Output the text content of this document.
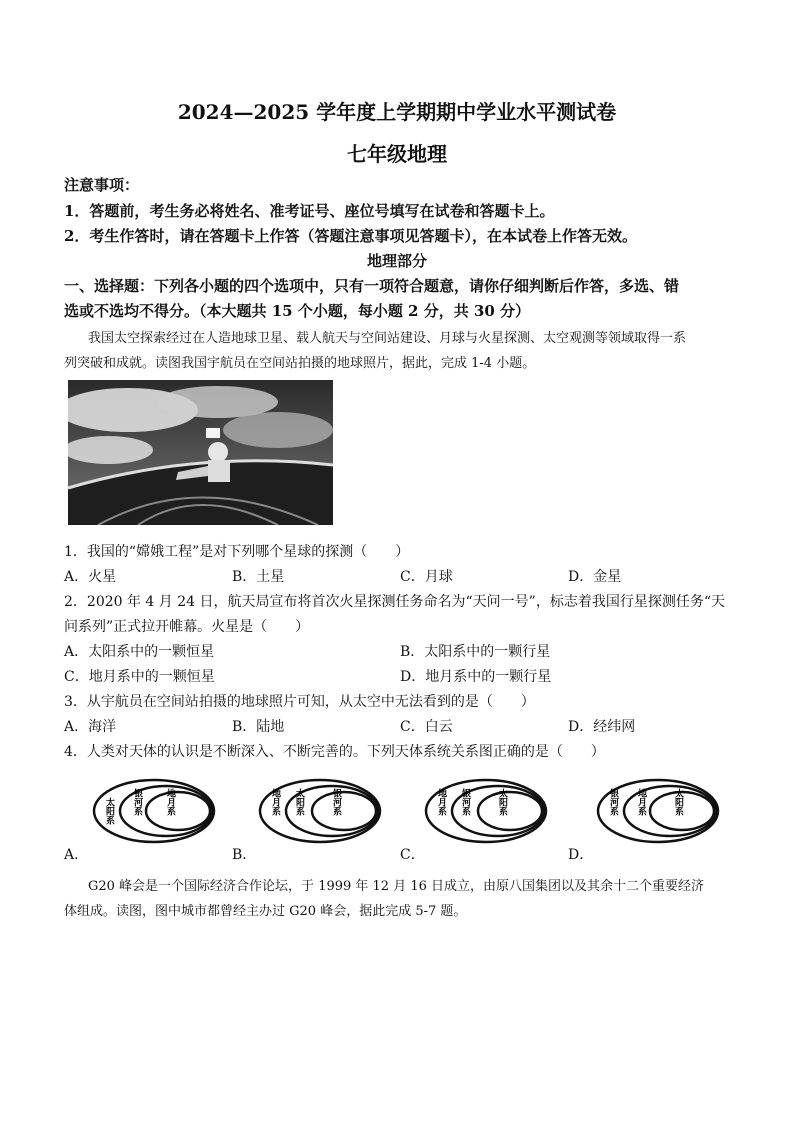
2024—2025 学年度上学期期中学业水平测试卷
七年级地理
注意事项：
1．答题前，考生务必将姓名、准考证号、座位号填写在试卷和答题卡上。
2．考生作答时，请在答题卡上作答（答题注意事项见答题卡），在本试卷上作答无效。
地理部分
一、选择题：下列各小题的四个选项中，只有一项符合题意，请你仔细判断后作答，多选、错
选或不选均不得分。（本大题共 15 个小题，每小题 2 分，共 30 分）
我国太空探索经过在人造地球卫星、载人航天与空间站建设、月球与火星探测、太空观测等领域取得一系
列突破和成就。读图我国宇航员在空间站拍摄的地球照片，据此，完成 1-4 小题。
1．我国的“嫦娥工程”是对下列哪个星球的探测（　　）
A．火星	B．土星	C．月球	D．金星
2．2020 年 4 月 24 日，航天局宣布将首次火星探测任务命名为“天问一号”，标志着我国行星探测任务“天
问系列”正式拉开帷幕。火星是（　　）
A．太阳系中的一颗恒星	B．太阳系中的一颗行星
C．地月系中的一颗恒星	D．地月系中的一颗行星
3．从宇航员在空间站拍摄的地球照片可知，从太空中无法看到的是（　　）
A．海洋	B．陆地	C．白云	D．经纬网
4．人类对天体的认识是不断深入、不断完善的。下列天体系统关系图正确的是（　　）
太阳系 银河系	地月系
A．
地月系 太阳系	银河系
B．
地月系 银河系	太阳系
C．
银河系 地月系	太阳系
D．
G20 峰会是一个国际经济合作论坛，于 1999 年 12 月 16 日成立，由原八国集团以及其余十二个重要经济
体组成。读图，图中城市都曾经主办过 G20 峰会，据此完成 5-7 题。
